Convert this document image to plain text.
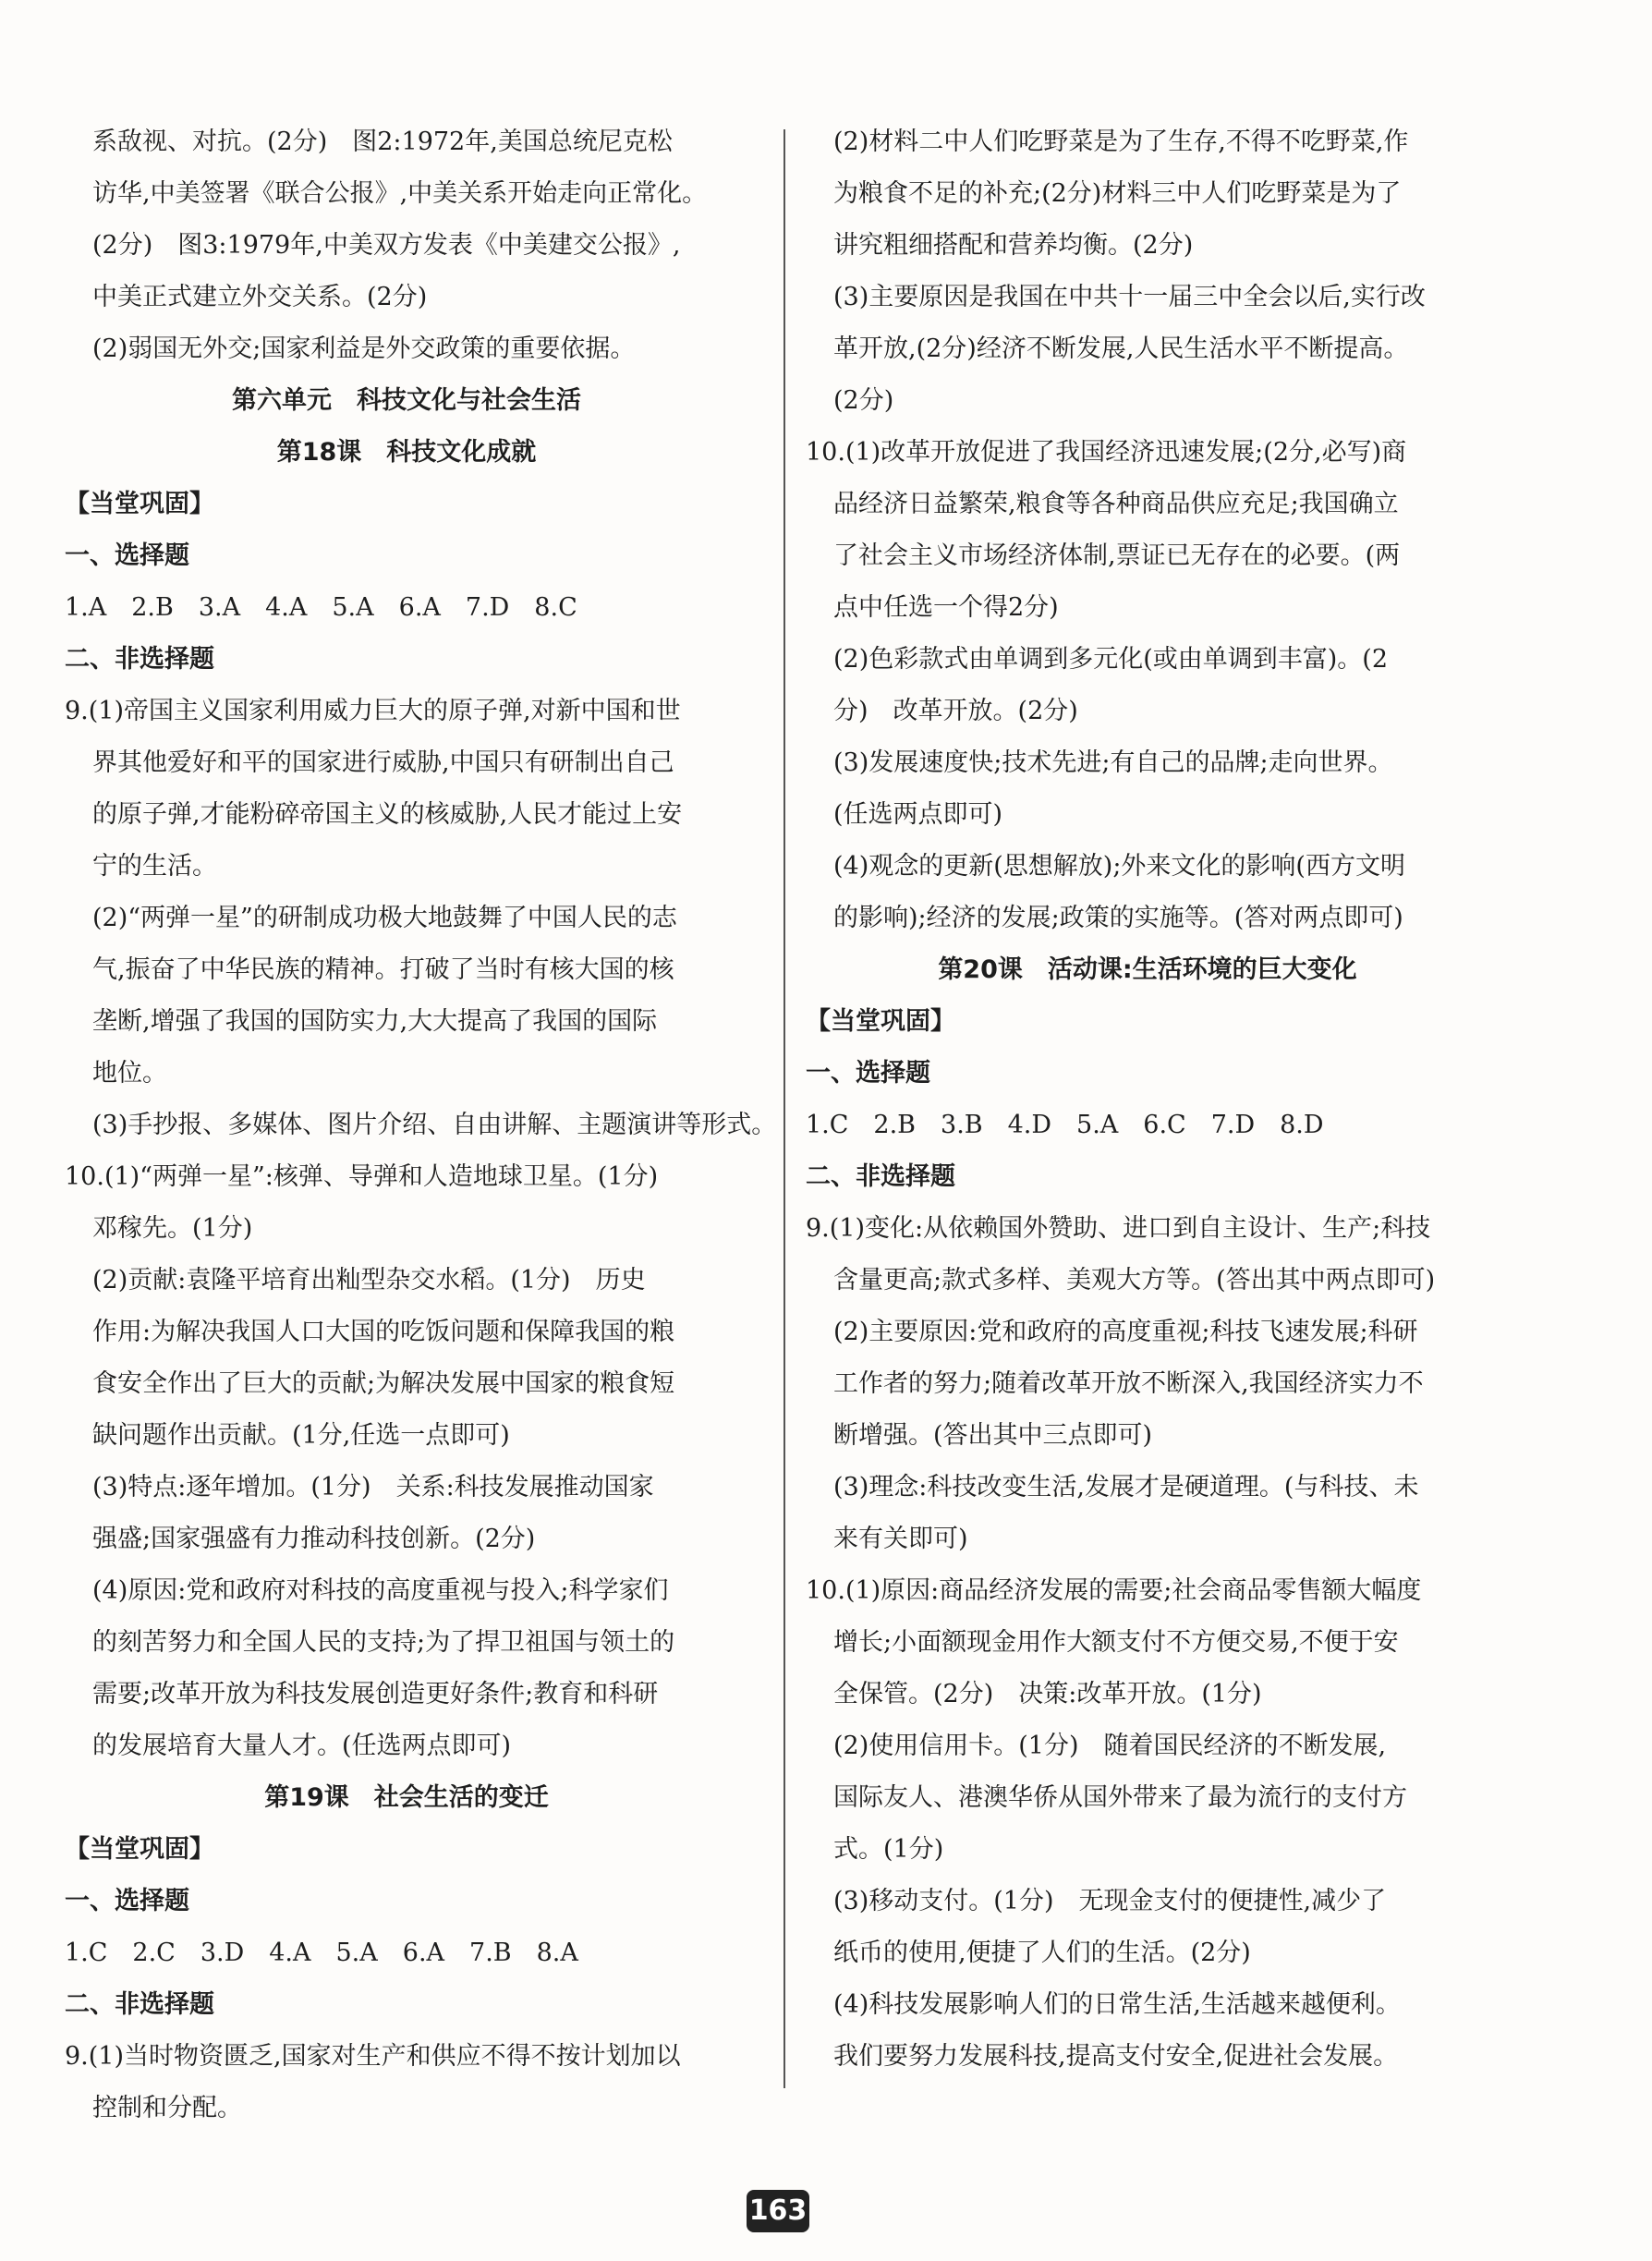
系敌视、对抗。(2分)　图2:1972年,美国总统尼克松
访华,中美签署《联合公报》,中美关系开始走向正常化。
(2分)　图3:1979年,中美双方发表《中美建交公报》,
中美正式建立外交关系。(2分)
(2)弱国无外交;国家利益是外交政策的重要依据。
第六单元　科技文化与社会生活
第18课　科技文化成就
【当堂巩固】
一、选择题
1.A　2.B　3.A　4.A　5.A　6.A　7.D　8.C
二、非选择题
9.(1)帝国主义国家利用威力巨大的原子弹,对新中国和世
界其他爱好和平的国家进行威胁,中国只有研制出自己
的原子弹,才能粉碎帝国主义的核威胁,人民才能过上安
宁的生活。
(2)“两弹一星”的研制成功极大地鼓舞了中国人民的志
气,振奋了中华民族的精神。打破了当时有核大国的核
垄断,增强了我国的国防实力,大大提高了我国的国际
地位。
(3)手抄报、多媒体、图片介绍、自由讲解、主题演讲等形式。
10.(1)“两弹一星”:核弹、导弹和人造地球卫星。(1分)
邓稼先。(1分)
(2)贡献:袁隆平培育出籼型杂交水稻。(1分)　历史
作用:为解决我国人口大国的吃饭问题和保障我国的粮
食安全作出了巨大的贡献;为解决发展中国家的粮食短
缺问题作出贡献。(1分,任选一点即可)
(3)特点:逐年增加。(1分)　关系:科技发展推动国家
强盛;国家强盛有力推动科技创新。(2分)
(4)原因:党和政府对科技的高度重视与投入;科学家们
的刻苦努力和全国人民的支持;为了捍卫祖国与领土的
需要;改革开放为科技发展创造更好条件;教育和科研
的发展培育大量人才。(任选两点即可)
第19课　社会生活的变迁
【当堂巩固】
一、选择题
1.C　2.C　3.D　4.A　5.A　6.A　7.B　8.A
二、非选择题
9.(1)当时物资匮乏,国家对生产和供应不得不按计划加以
控制和分配。
(2)材料二中人们吃野菜是为了生存,不得不吃野菜,作
为粮食不足的补充;(2分)材料三中人们吃野菜是为了
讲究粗细搭配和营养均衡。(2分)
(3)主要原因是我国在中共十一届三中全会以后,实行改
革开放,(2分)经济不断发展,人民生活水平不断提高。
(2分)
10.(1)改革开放促进了我国经济迅速发展;(2分,必写)商
品经济日益繁荣,粮食等各种商品供应充足;我国确立
了社会主义市场经济体制,票证已无存在的必要。(两
点中任选一个得2分)
(2)色彩款式由单调到多元化(或由单调到丰富)。(2
分)　改革开放。(2分)
(3)发展速度快;技术先进;有自己的品牌;走向世界。
(任选两点即可)
(4)观念的更新(思想解放);外来文化的影响(西方文明
的影响);经济的发展;政策的实施等。(答对两点即可)
第20课　活动课:生活环境的巨大变化
【当堂巩固】
一、选择题
1.C　2.B　3.B　4.D　5.A　6.C　7.D　8.D
二、非选择题
9.(1)变化:从依赖国外赞助、进口到自主设计、生产;科技
含量更高;款式多样、美观大方等。(答出其中两点即可)
(2)主要原因:党和政府的高度重视;科技飞速发展;科研
工作者的努力;随着改革开放不断深入,我国经济实力不
断增强。(答出其中三点即可)
(3)理念:科技改变生活,发展才是硬道理。(与科技、未
来有关即可)
10.(1)原因:商品经济发展的需要;社会商品零售额大幅度
增长;小面额现金用作大额支付不方便交易,不便于安
全保管。(2分)　决策:改革开放。(1分)
(2)使用信用卡。(1分)　随着国民经济的不断发展,
国际友人、港澳华侨从国外带来了最为流行的支付方
式。(1分)
(3)移动支付。(1分)　无现金支付的便捷性,减少了
纸币的使用,便捷了人们的生活。(2分)
(4)科技发展影响人们的日常生活,生活越来越便利。
我们要努力发展科技,提高支付安全,促进社会发展。
163
